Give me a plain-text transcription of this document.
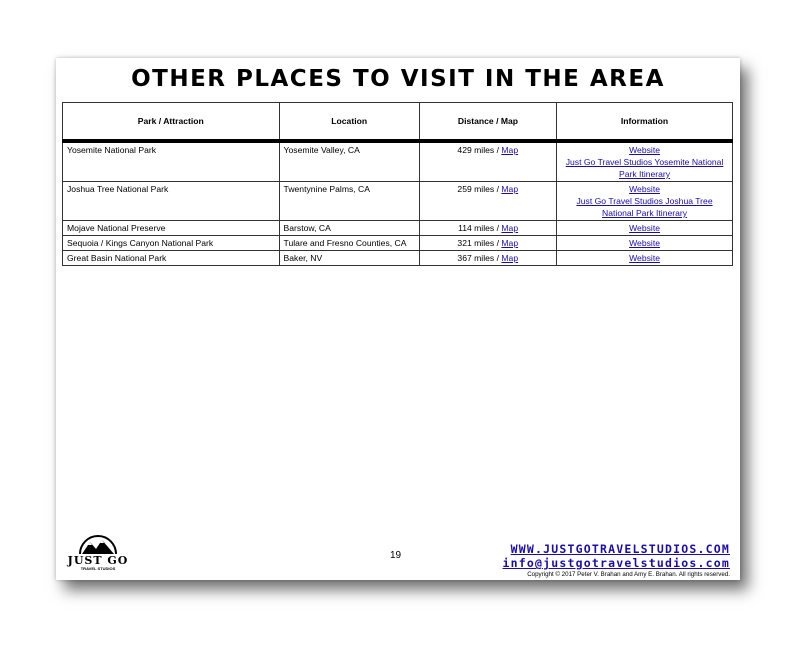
OTHER PLACES TO VISIT IN THE AREA
Park / Attraction	Location	Distance / Map	Information
Yosemite National Park	Yosemite Valley, CA	429 miles / Map	Website
Just Go Travel Studios Yosemite National Park Itinerary
Joshua Tree National Park	Twentynine Palms, CA	259 miles / Map	Website
Just Go Travel Studios Joshua Tree National Park Itinerary
Mojave National Preserve	Barstow, CA	114 miles / Map	Website
Sequoia / Kings Canyon National Park	Tulare and Fresno Counties, CA	321 miles / Map	Website
Great Basin National Park	Baker, NV	367 miles / Map	Website
JUST GO
TRAVEL STUDIOS
19	WWW.JUSTGOTRAVELSTUDIOS.COM
info@justgotravelstudios.com
Copyright © 2017 Peter V. Brahan and Amy E. Brahan. All rights reserved.
